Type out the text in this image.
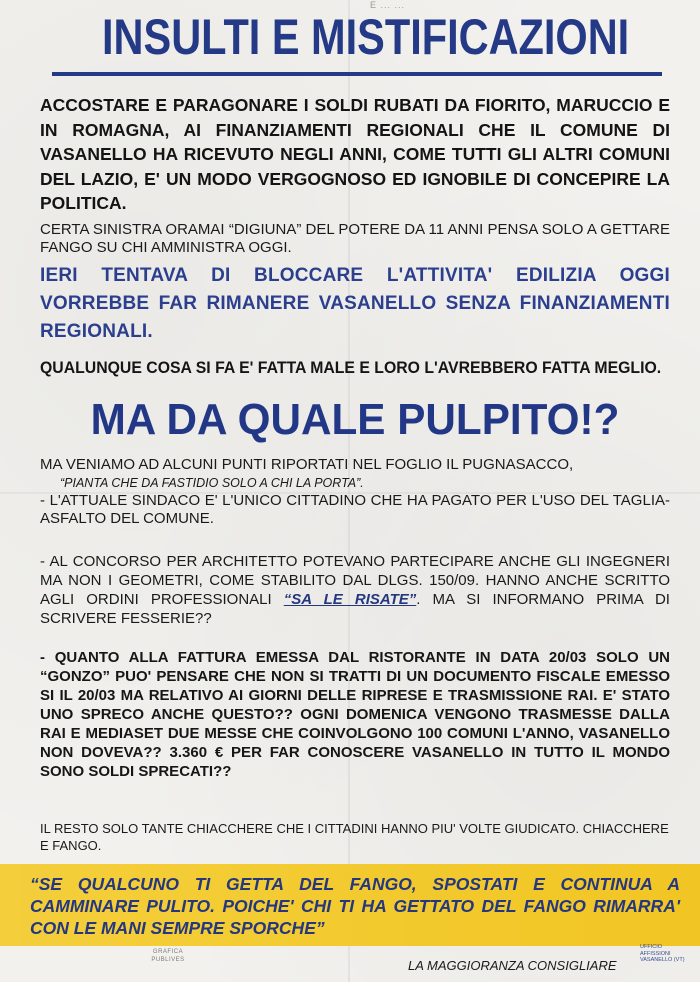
E ... ...
INSULTI E MISTIFICAZIONI
ACCOSTARE E PARAGONARE I SOLDI RUBATI DA FIORITO, MARUCCIO E IN ROMAGNA, AI FINANZIAMENTI REGIONALI CHE IL COMUNE DI VASANELLO HA RICEVUTO NEGLI ANNI, COME TUTTI GLI ALTRI COMUNI DEL LAZIO, E' UN MODO VERGOGNOSO ED IGNOBILE DI CONCEPIRE LA POLITICA.
CERTA SINISTRA ORAMAI “DIGIUNA” DEL POTERE DA 11 ANNI PENSA SOLO A GETTARE FANGO SU CHI AMMINISTRA OGGI.
IERI TENTAVA DI BLOCCARE L'ATTIVITA' EDILIZIA OGGI VORREBBE FAR RIMANERE VASANELLO SENZA FINANZIAMENTI REGIONALI.
QUALUNQUE COSA SI FA E' FATTA MALE E LORO L'AVREBBERO FATTA MEGLIO.
MA DA QUALE PULPITO!?
MA VENIAMO AD ALCUNI PUNTI RIPORTATI NEL FOGLIO IL PUGNASACCO,
“PIANTA CHE DA FASTIDIO SOLO A CHI LA PORTA”.
- L'ATTUALE SINDACO E' L'UNICO CITTADINO CHE HA PAGATO PER L'USO DEL TAGLIA-ASFALTO DEL COMUNE.
- AL CONCORSO PER ARCHITETTO POTEVANO PARTECIPARE ANCHE GLI INGEGNERI MA NON I GEOMETRI, COME STABILITO DAL DLGS. 150/09. HANNO ANCHE SCRITTO AGLI ORDINI PROFESSIONALI “SA LE RISATE”. MA SI INFORMANO PRIMA DI SCRIVERE FESSERIE??
- QUANTO ALLA FATTURA EMESSA DAL RISTORANTE IN DATA 20/03 SOLO UN “GONZO” PUO' PENSARE CHE NON SI TRATTI DI UN DOCUMENTO FISCALE EMESSO SI IL 20/03 MA RELATIVO AI GIORNI DELLE RIPRESE E TRASMISSIONE RAI. E' STATO UNO SPRECO ANCHE QUESTO?? OGNI DOMENICA VENGONO TRASMESSE DALLA RAI E MEDIASET DUE MESSE CHE COINVOLGONO 100 COMUNI L'ANNO, VASANELLO NON DOVEVA?? 3.360 € PER FAR CONOSCERE VASANELLO IN TUTTO IL MONDO SONO SOLDI SPRECATI??
IL RESTO SOLO TANTE CHIACCHERE CHE I CITTADINI HANNO PIU' VOLTE GIUDICATO. CHIACCHERE E FANGO.
“SE QUALCUNO TI GETTA DEL FANGO, SPOSTATI E CONTINUA A CAMMINARE PULITO. POICHE' CHI TI HA GETTATO DEL FANGO RIMARRA' CON LE MANI SEMPRE SPORCHE”
GRAFICA PUBLIVES	LA MAGGIORANZA CONSIGLIARE
UFFICIO AFFISSIONI
VASANELLO (VT)
